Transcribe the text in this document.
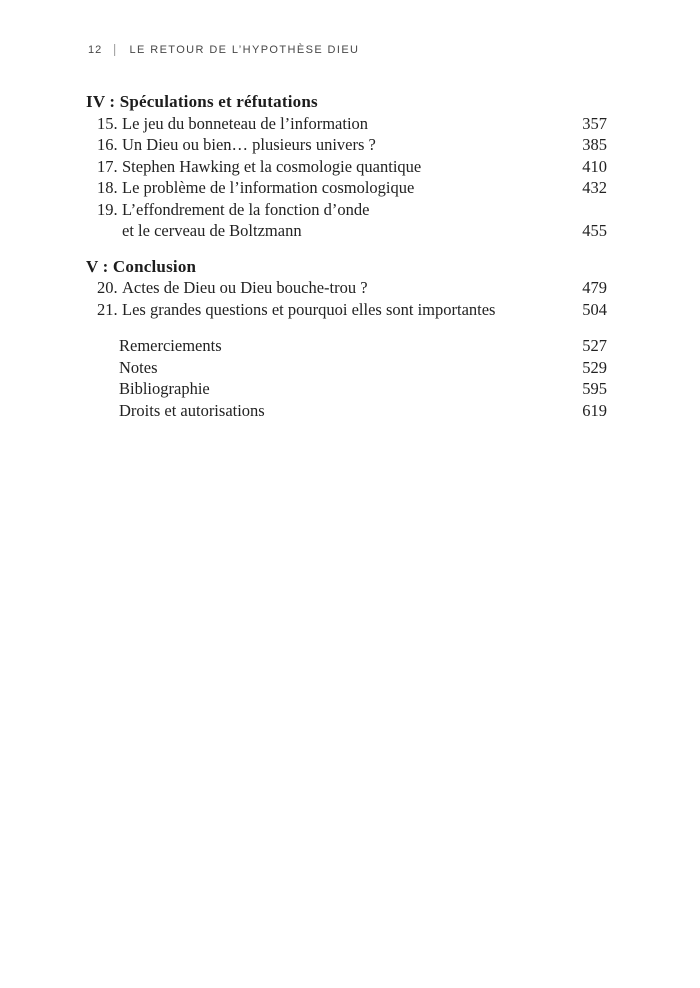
12 | LE RETOUR DE L’HYPOTHÈSE DIEU
IV : Spéculations et réfutations
15. Le jeu du bonneteau de l’information	357
16. Un Dieu ou bien… plusieurs univers ?	385
17. Stephen Hawking et la cosmologie quantique	410
18. Le problème de l’information cosmologique	432
19. L’effondrement de la fonction d’onde
et le cerveau de Boltzmann	455
V : Conclusion
20. Actes de Dieu ou Dieu bouche-trou ?	479
21. Les grandes questions et pourquoi elles sont importantes	504
Remerciements	527
Notes	529
Bibliographie	595
Droits et autorisations	619
